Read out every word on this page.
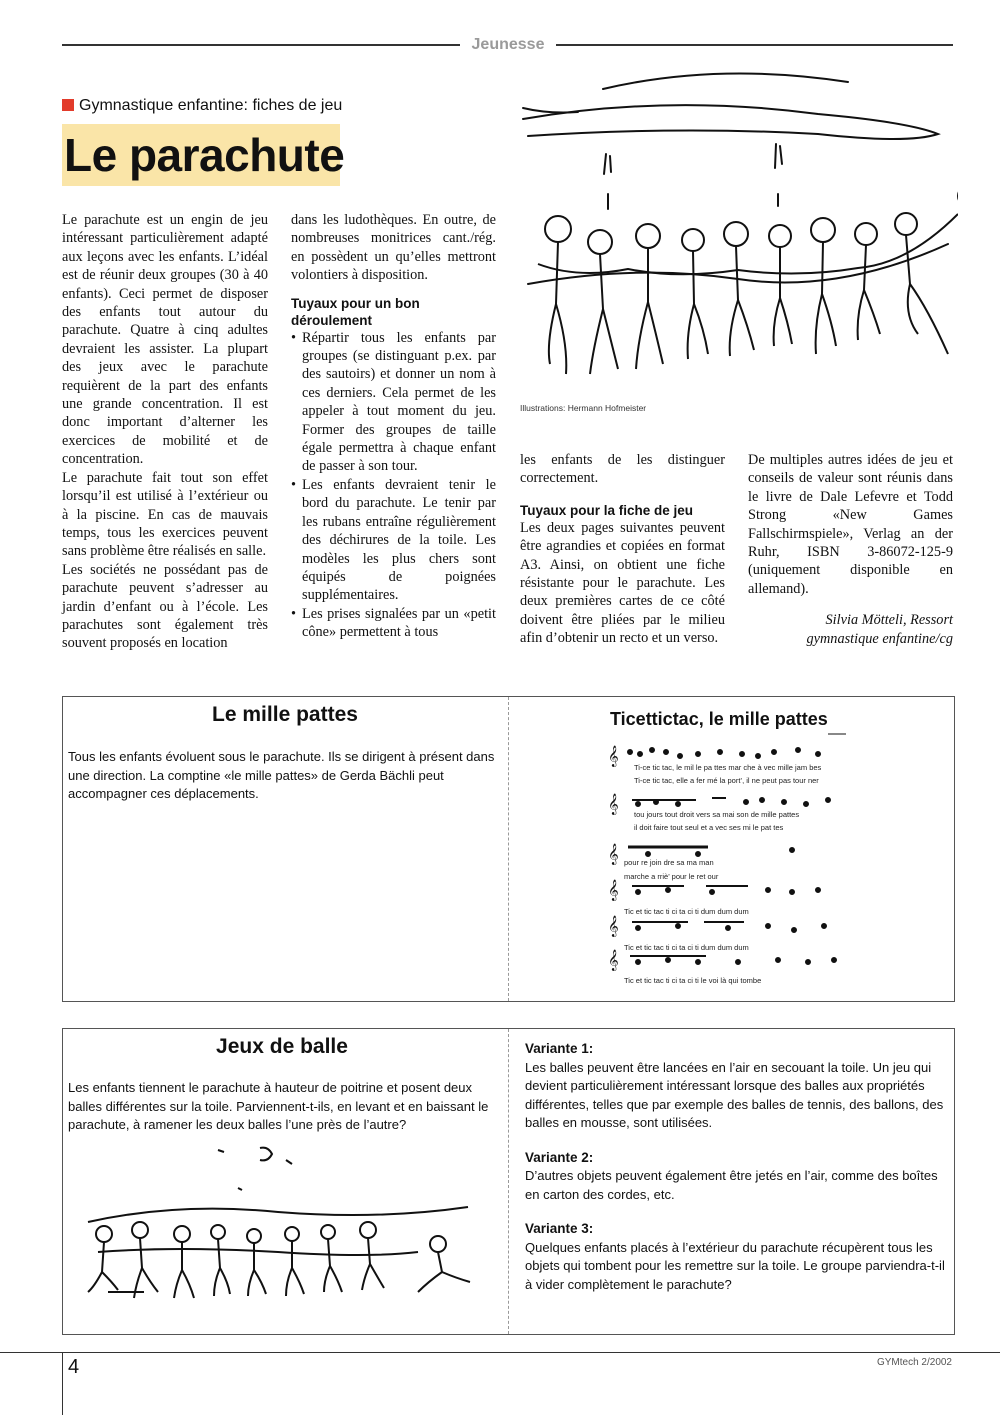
Jeunesse
Gymnastique enfantine: fiches de jeu
Le parachute

Le parachute est un engin de jeu intéressant particulièrement adapté aux leçons avec les enfants. L’idéal est de réunir deux groupes (30 à 40 enfants). Ceci permet de disposer des enfants tout autour du parachute. Quatre à cinq adultes devraient les assister. La plupart des jeux avec le parachute requièrent de la part des enfants une grande concentration. Il est donc important d’alterner les exercices de mobilité et de concentration.

Le parachute fait tout son effet lorsqu’il est utilisé à l’extérieur ou à la piscine. En cas de mauvais temps, tous les exercices peuvent sans problème être réalisés en salle.

Les sociétés ne possédant pas de parachute peuvent s’adresser au jardin d’enfant ou à l’école. Les parachutes sont également très souvent proposés en location

dans les ludothèques. En outre, de nombreuses monitrices cant./rég. en possèdent un qu’elles mettront volontiers à disposition.

Tuyaux pour un bon déroulement
• Répartir tous les enfants par groupes (se distinguant p.ex. par des sautoirs) et donner un nom à ces derniers. Cela permet de les appeler à tout moment du jeu. Former des groupes de taille égale permettra à chaque enfant de passer à son tour.
• Les enfants devraient tenir le bord du parachute. Le tenir par les rubans entraîne régulièrement des déchirures de la toile. Les modèles les plus chers sont équipés de poignées supplémentaires.
• Les prises signalées par un «petit cône» permettent à tous
Illustrations: Hermann Hofmeister

les enfants de les distinguer correctement.

Tuyaux pour la fiche de jeu

Les deux pages suivantes peuvent être agrandies et copiées en format A3. Ainsi, on obtient une fiche résistante pour le parachute. Les deux premières cartes de ce côté doivent être pliées par le milieu afin d’obtenir un recto et un verso.

De multiples autres idées de jeu et conseils de valeur sont réunis dans le livre de Dale Lefevre et Todd Strong «New Games Fallschirmspiele», Verlag an der Ruhr, ISBN 3-86072-125-9 (uniquement disponible en allemand).

Silvia Mötteli, Ressort

gymnastique enfantine/cg

Le mille pattes
Tous les enfants évoluent sous le parachute. Ils se dirigent à présent dans une direction. La comptine «le mille pattes» de Gerda Bächli peut accompagner ces déplacements.
Ticettictac, le mille pattes
𝄞
𝄞
𝄞
𝄞
𝄞
𝄞
Ti-ce tic tac, le mil le pa ttes mar che à vec mille jam bes
Ti-ce tic tac, elle a fer mé la port’, il ne peut pas tour ner
tou jours tout droit vers sa mai son de mille pattes
il doit faire tout seul et a vec ses mi le pat tes
pour re join dre sa ma man
marche a rriè’ pour le ret our
Tic et tic tac ti ci ta ci ti dum dum dum
Tic et tic tac ti ci ta ci ti dum dum dum
Tic et tic tac ti ci ta ci ti le voi là qui tombe
Jeux de balle
Les enfants tiennent le parachute à hauteur de poitrine et posent deux balles différentes sur la toile. Parviennent-t-ils, en levant et en baissant le parachute, à ramener les deux balles l’une près de l’autre?

Variante 1:

Les balles peuvent être lancées en l’air en secouant la toile. Un jeu qui devient particulièrement intéressant lorsque des balles aux propriétés différentes, telles que par exemple des balles de tennis, des ballons, des balles en mousse, sont utilisées.

Variante 2:

D’autres objets peuvent également être jetés en l’air, comme des boîtes en carton des cordes, etc.

Variante 3:

Quelques enfants placés à l’extérieur du parachute récupèrent tous les objets qui tombent pour les remettre sur la toile. Le groupe parviendra-t-il à vider complètement le parachute?

4	GYMtech 2/2002
